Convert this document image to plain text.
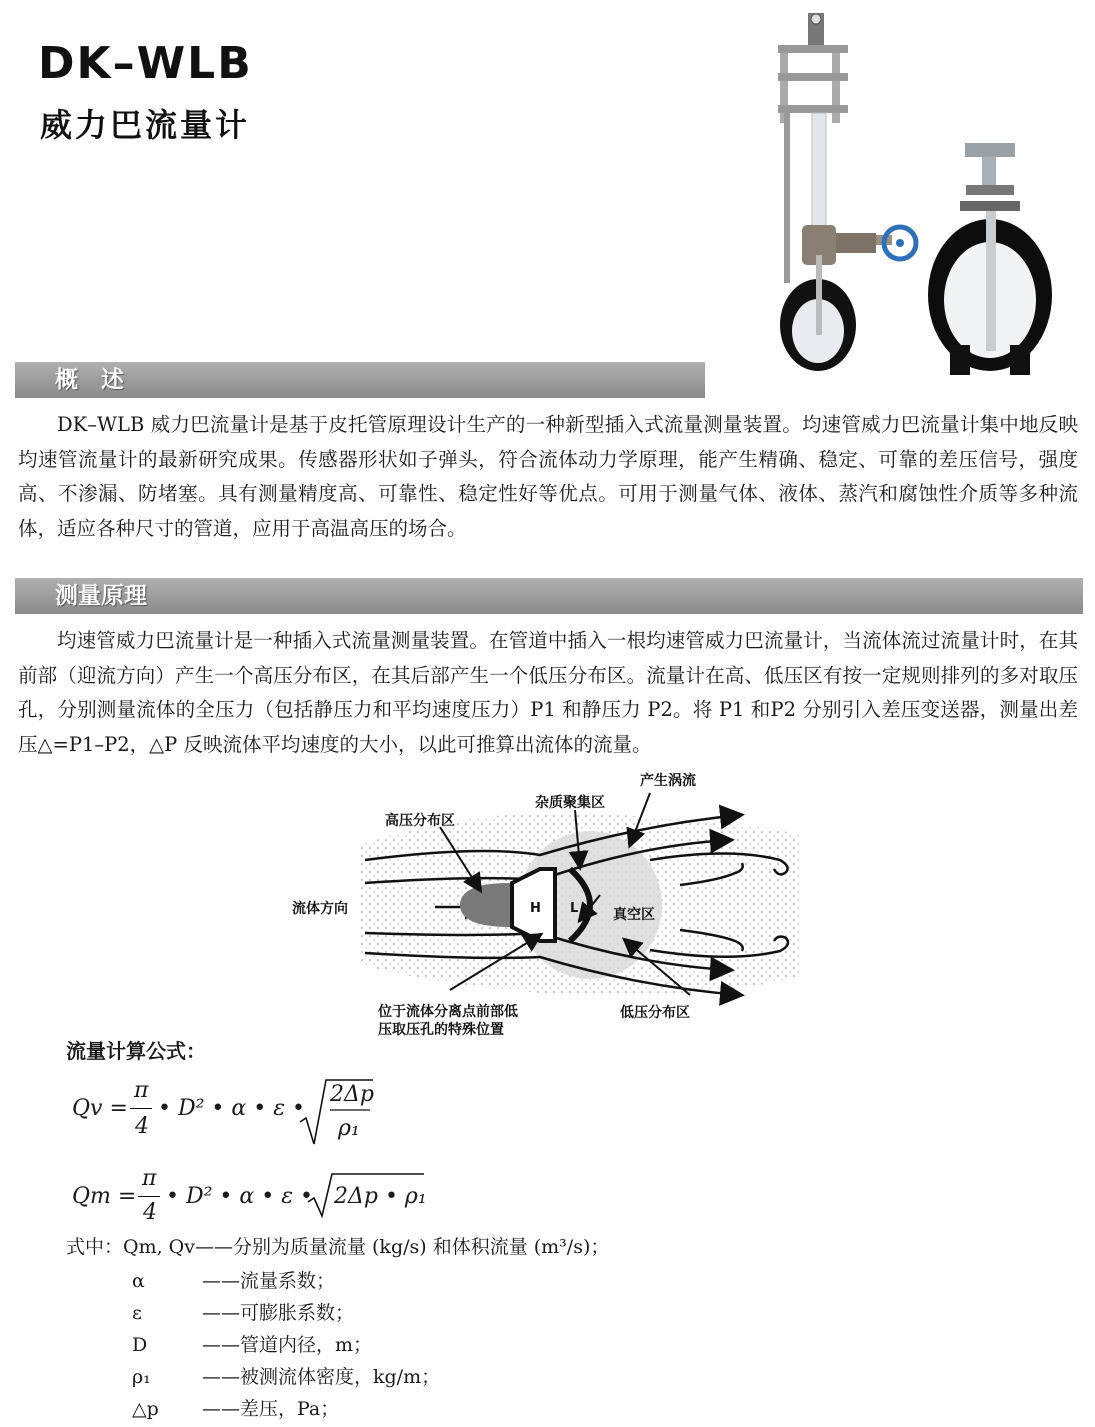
DK–WLB
威力巴流量计
概　述

DK–WLB 威力巴流量计是基于皮托管原理设计生产的一种新型插入式流量测量装置。均速管威力巴流量计集中地反映均速管流量计的最新研究成果。传感器形状如子弹头，符合流体动力学原理，能产生精确、稳定、可靠的差压信号，强度高、不渗漏、防堵塞。具有测量精度高、可靠性、稳定性好等优点。可用于测量气体、液体、蒸汽和腐蚀性介质等多种流体，适应各种尺寸的管道，应用于高温高压的场合。

测量原理

均速管威力巴流量计是一种插入式流量测量装置。在管道中插入一根均速管威力巴流量计，当流体流过流量计时，在其前部（迎流方向）产生一个高压分布区，在其后部产生一个低压分布区。流量计在高、低压区有按一定规则排列的多对取压孔，分别测量流体的全压力（包括静压力和平均速度压力）P1 和静压力 P2。将 P1 和P2 分别引入差压变送器，测量出差压△=P1–P2，△P 反映流体平均速度的大小，以此可推算出流体的流量。

H L
高压分布区
杂质聚集区
产生涡流
流体方向	真空区
位于流体分离点前部低
压取压孔的特殊位置
低压分布区
流量计算公式：
Qv =
π
4
• D² • α • ε •
2Δp
ρ₁
Qm =
π
4
• D² • α • ε • 2Δp • ρ₁
式中：Qm, Qv——分别为质量流量 (kg/s) 和体积流量 (m³/s)；
α	——流量系数；
ε	——可膨胀系数；
D	——管道内径，m；
ρ₁	——被测流体密度，kg/m；
△p ——差压，Pa；
